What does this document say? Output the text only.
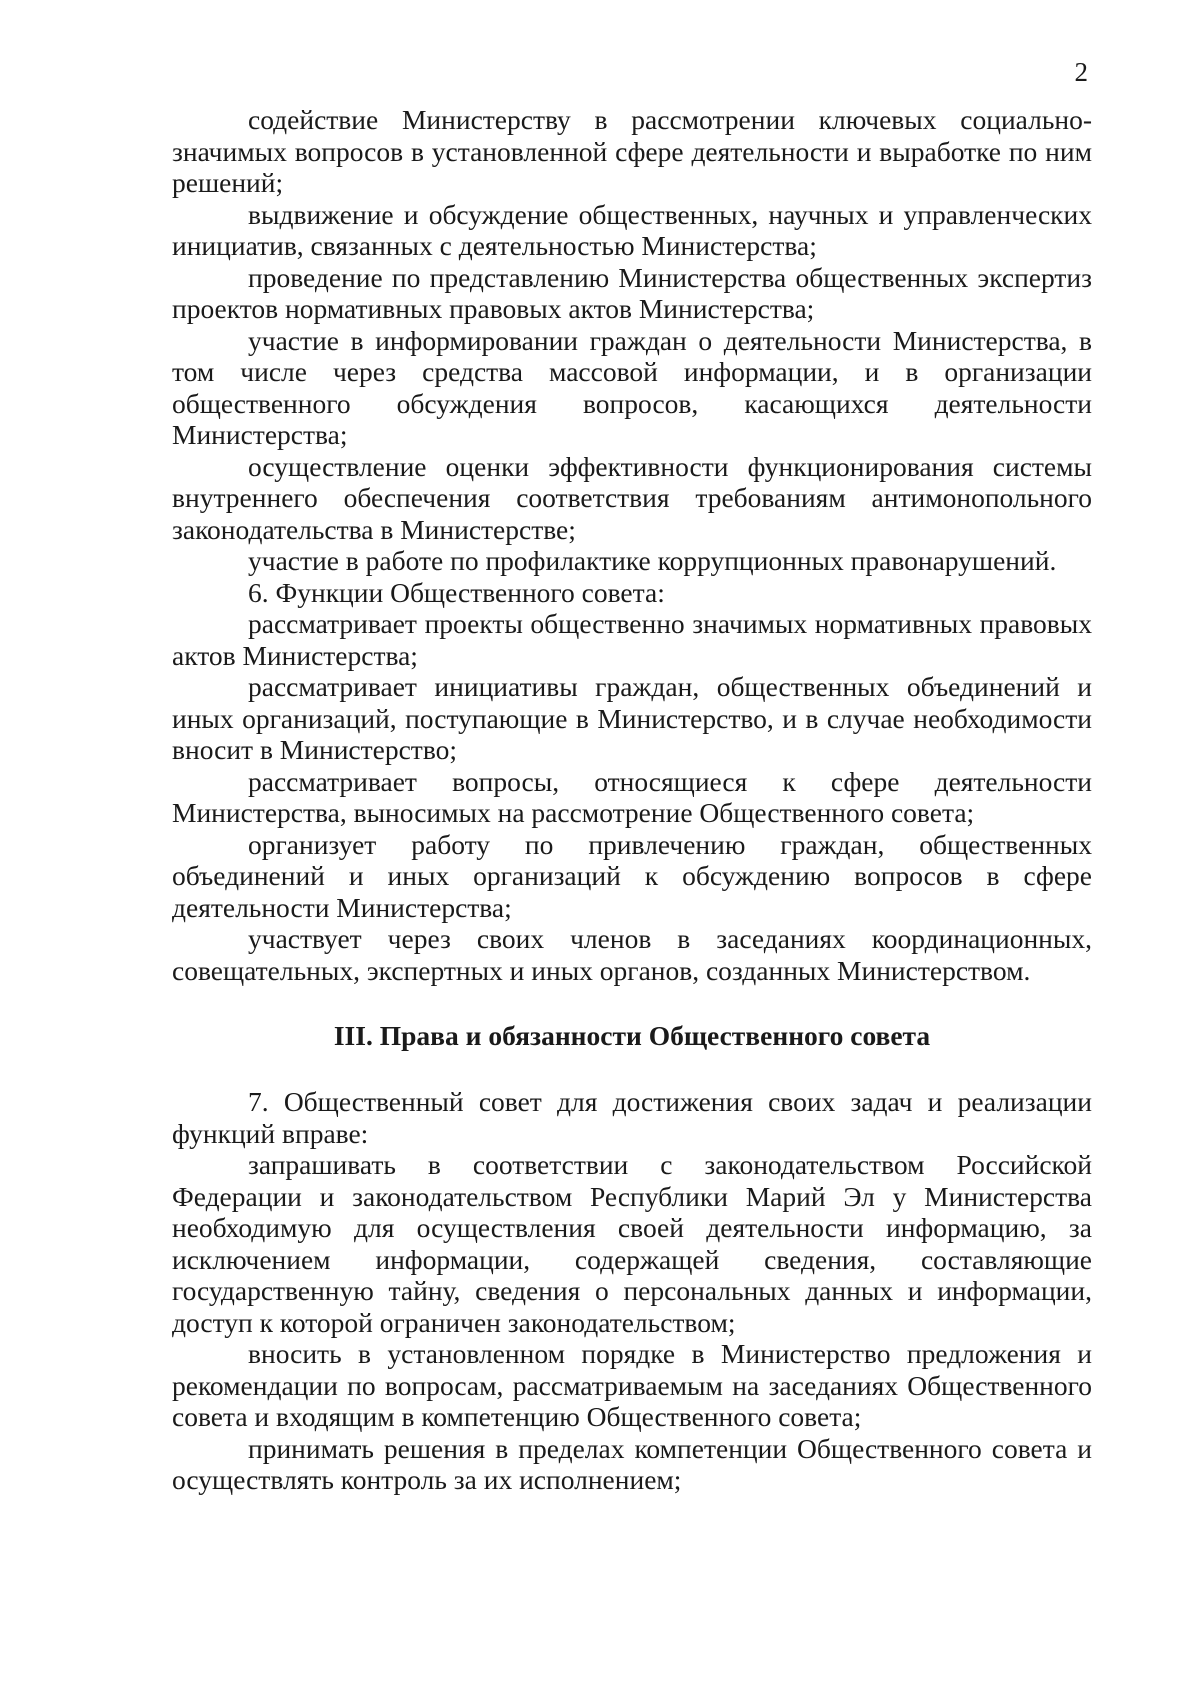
2

содействие Министерству в рассмотрении ключевых социально-значимых вопросов в установленной сфере деятельности и выработке по ним решений;

выдвижение и обсуждение общественных, научных и управленческих инициатив, связанных с деятельностью Министерства;

проведение по представлению Министерства общественных экспертиз проектов нормативных правовых актов Министерства;

участие в информировании граждан о деятельности Министерства, в том числе через средства массовой информации, и в организации общественного обсуждения вопросов, касающихся деятельности Министерства;

осуществление оценки эффективности функционирования системы внутреннего обеспечения соответствия требованиям антимонопольного законодательства в Министерстве;

участие в работе по профилактике коррупционных правонарушений.

6. Функции Общественного совета:

рассматривает проекты общественно значимых нормативных правовых актов Министерства;

рассматривает инициативы граждан, общественных объединений и иных организаций, поступающие в Министерство, и в случае необходимости вносит в Министерство;

рассматривает вопросы, относящиеся к сфере деятельности Министерства, выносимых на рассмотрение Общественного совета;

организует работу по привлечению граждан, общественных объединений и иных организаций к обсуждению вопросов в сфере деятельности Министерства;

участвует через своих членов в заседаниях координационных, совещательных, экспертных и иных органов, созданных Министерством.

III. Права и обязанности Общественного совета

7. Общественный совет для достижения своих задач и реализации функций вправе:

запрашивать в соответствии с законодательством Российской Федерации и законодательством Республики Марий Эл у Министерства необходимую для осуществления своей деятельности информацию, за исключением информации, содержащей сведения, составляющие государственную тайну, сведения о персональных данных и информации, доступ к которой ограничен законодательством;

вносить в установленном порядке в Министерство предложения и рекомендации по вопросам, рассматриваемым на заседаниях Общественного совета и входящим в компетенцию Общественного совета;

принимать решения в пределах компетенции Общественного совета и осуществлять контроль за их исполнением;
